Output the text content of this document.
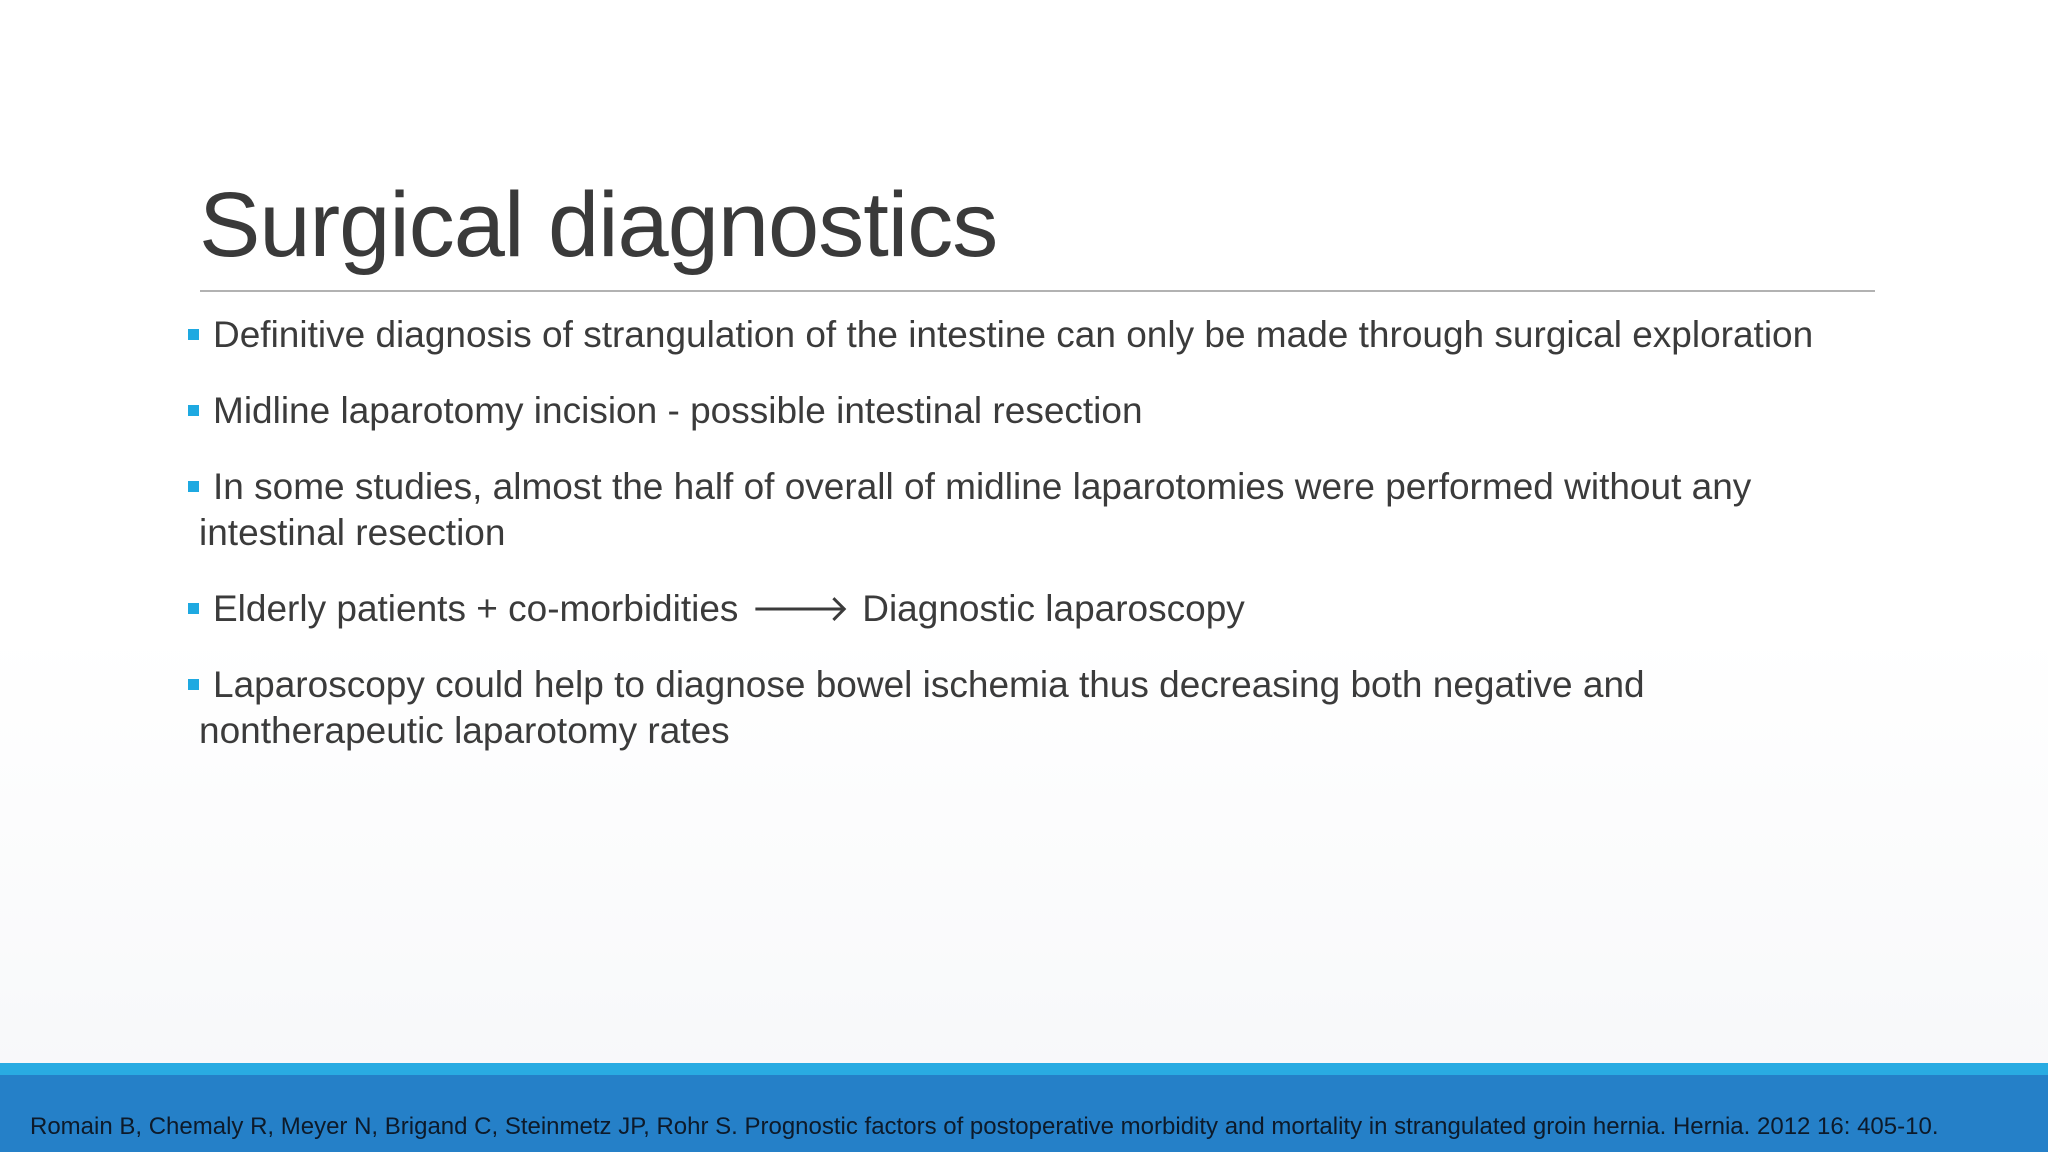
Surgical diagnostics
Definitive diagnosis of strangulation of the intestine can only be made through surgical exploration
Midline laparotomy incision - possible intestinal resection
In some studies, almost the half of overall of midline laparotomies were performed without any intestinal resection
Elderly patients + co-morbidities 🡒 Diagnostic laparoscopy
Laparoscopy could help to diagnose bowel ischemia thus decreasing both negative and nontherapeutic laparotomy rates
Romain B, Chemaly R, Meyer N, Brigand C, Steinmetz JP, Rohr S. Prognostic factors of postoperative morbidity and mortality in strangulated groin hernia. Hernia. 2012 16: 405-10.
